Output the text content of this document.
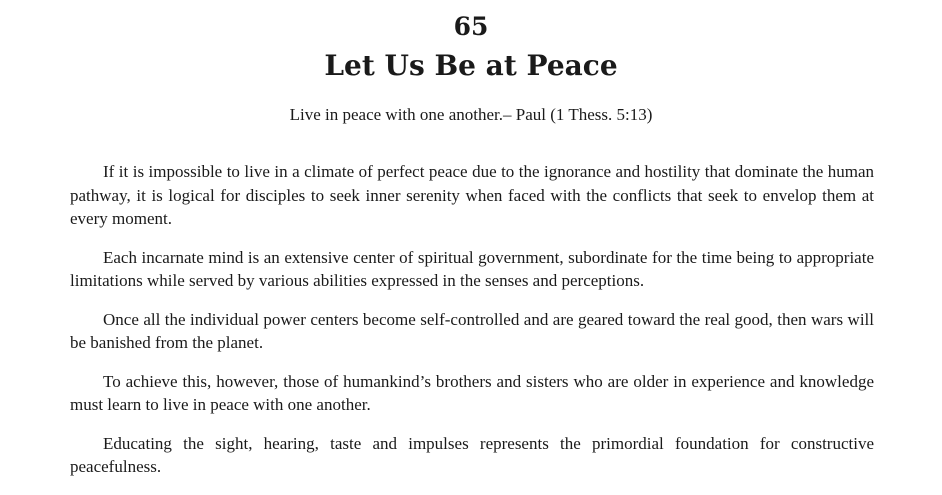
65
Let Us Be at Peace
Live in peace with one another.– Paul (1 Thess. 5:13)

If it is impossible to live in a climate of perfect peace due to the ignorance and hostility that dominate the human pathway, it is logical for disciples to seek inner serenity when faced with the conflicts that seek to envelop them at every moment.

Each incarnate mind is an extensive center of spiritual government, subordinate for the time being to appropriate limitations while served by various abilities expressed in the senses and perceptions.

Once all the individual power centers become self-controlled and are geared toward the real good, then wars will be banished from the planet.

To achieve this, however, those of humankind’s brothers and sisters who are older in experience and knowledge must learn to live in peace with one another.

Educating the sight, hearing, taste and impulses represents the primordial foundation for constructive peacefulness.
